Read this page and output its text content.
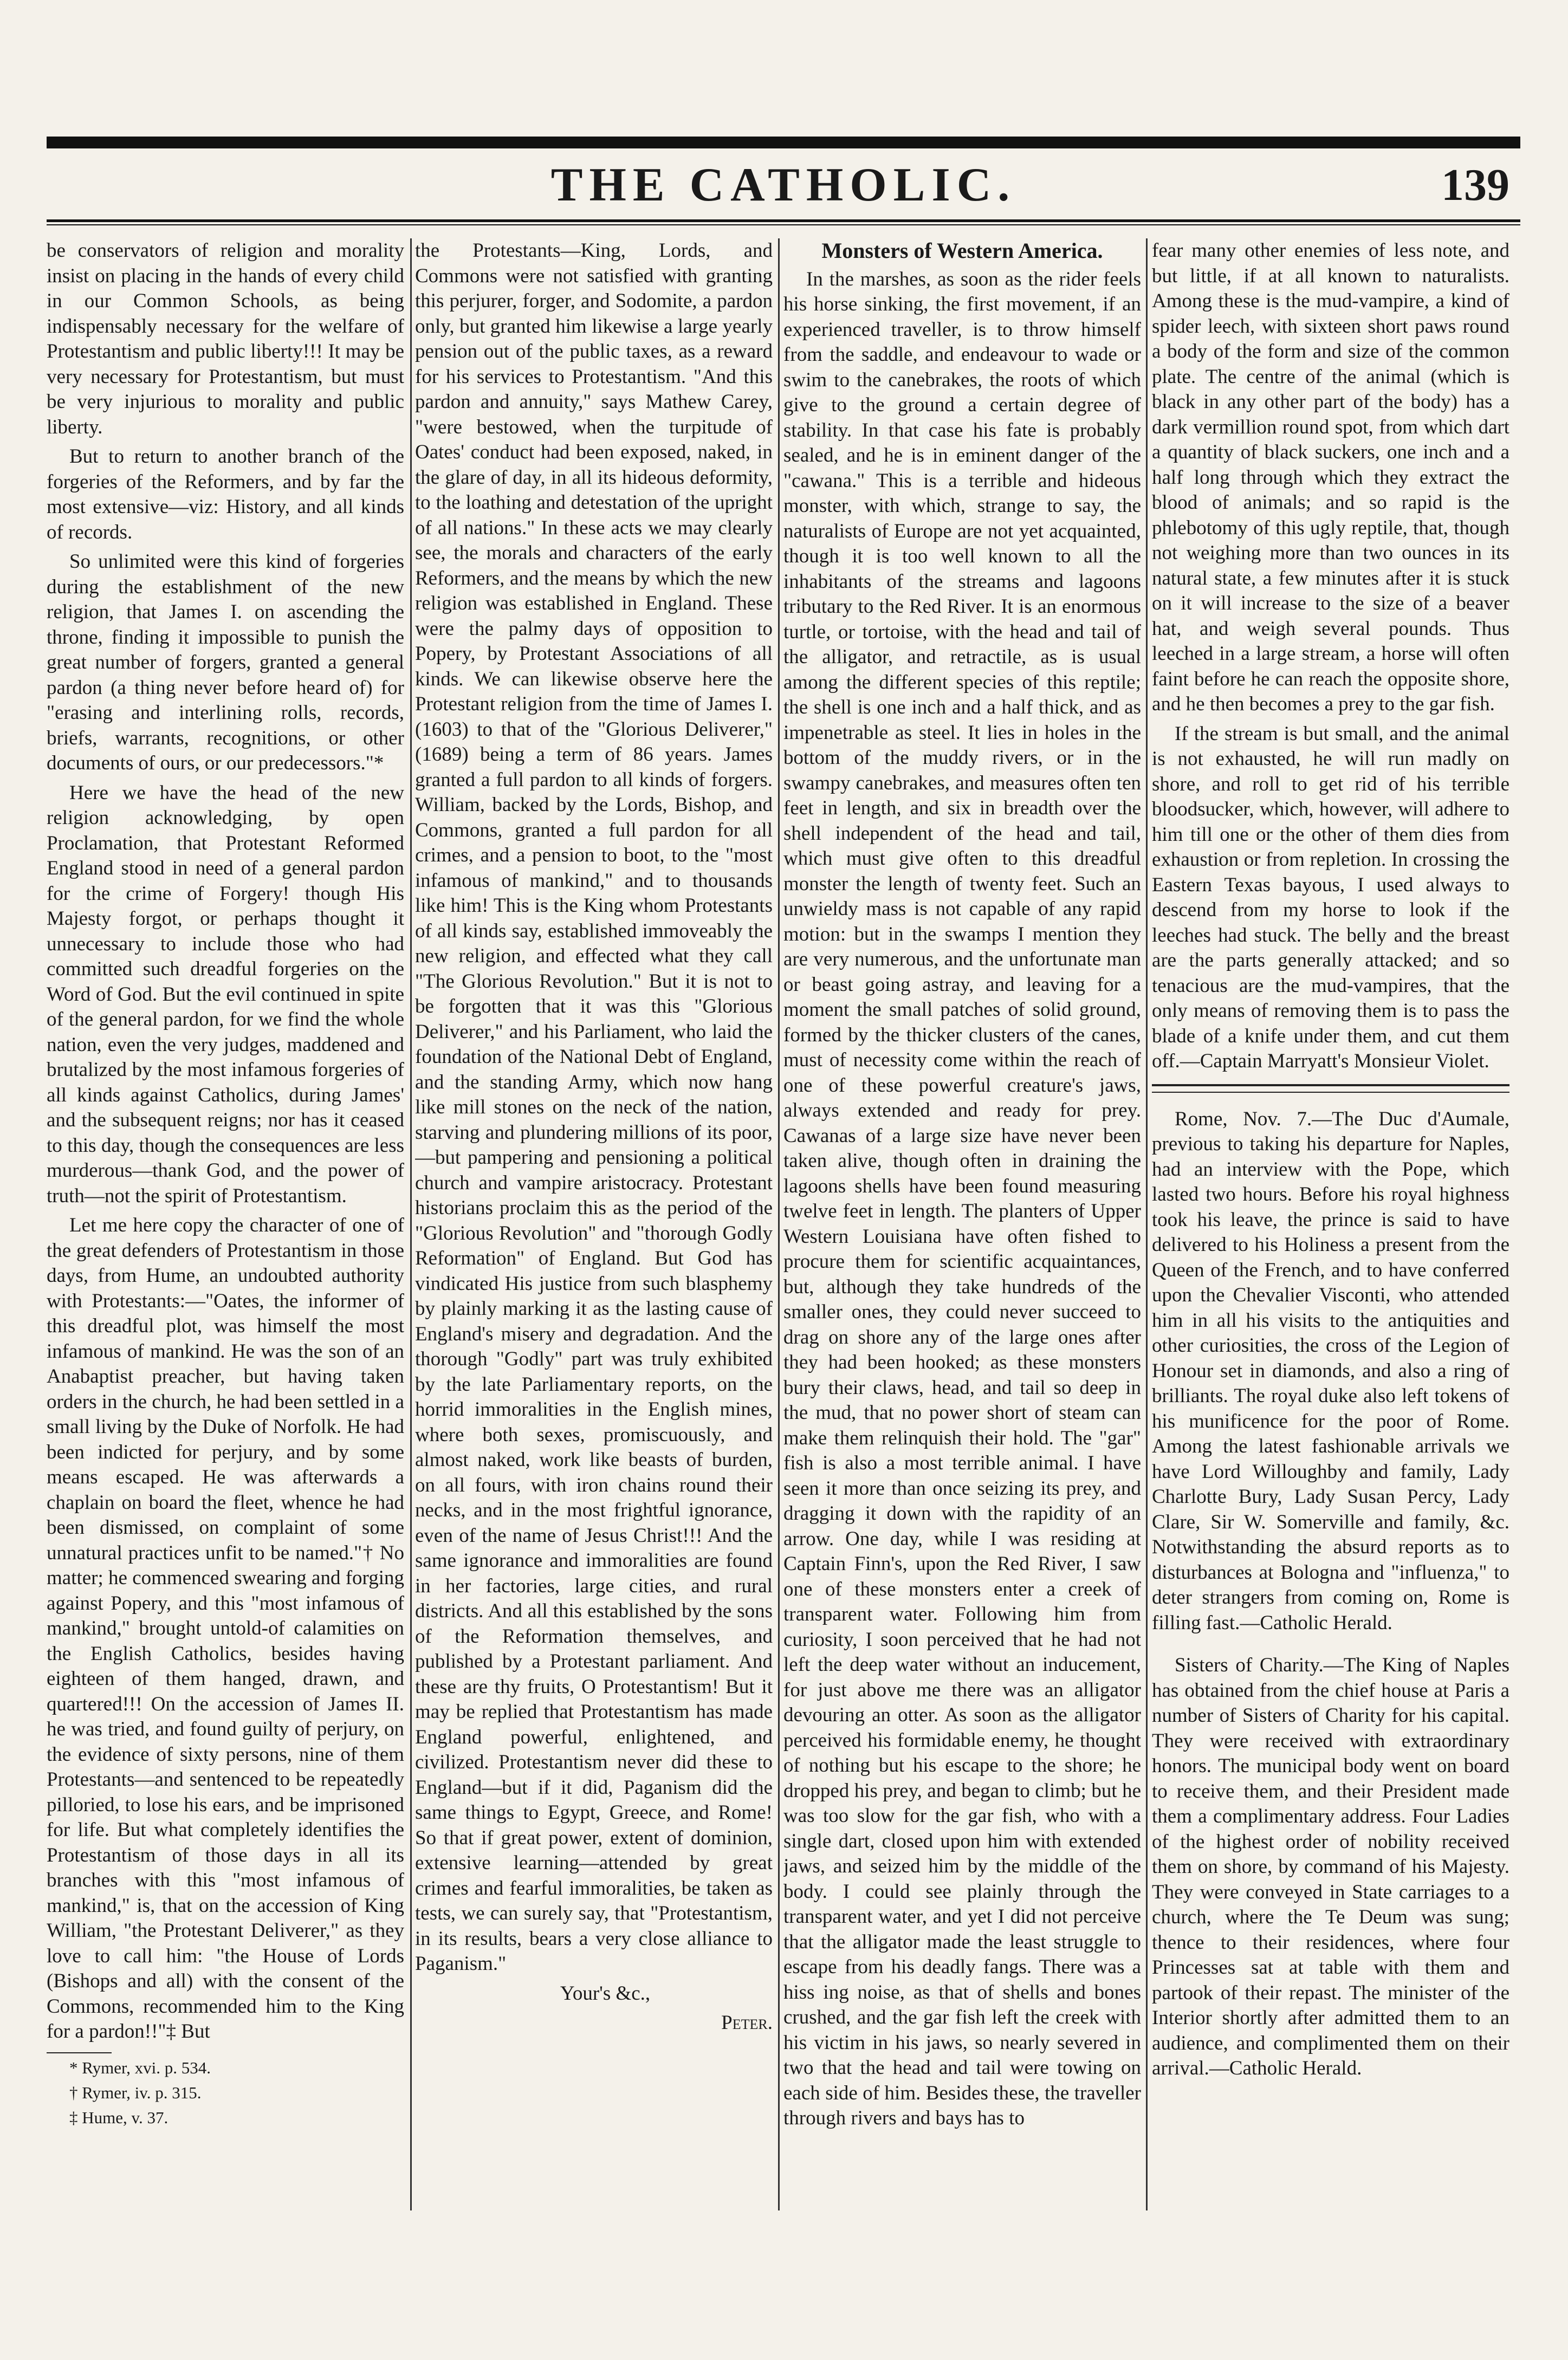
THE CATHOLIC.	139

be conservators of religion and morality insist on placing in the hands of every child in our Common Schools, as being indispensably necessary for the welfare of Protestantism and public liberty!!! It may be very necessary for Protestantism, but must be very injurious to morality and public liberty.

But to return to another branch of the forgeries of the Reformers, and by far the most extensive—viz: History, and all kinds of records.

So unlimited were this kind of forgeries during the establishment of the new religion, that James I. on ascending the throne, finding it impossible to punish the great number of forgers, granted a general pardon (a thing never before heard of) for "erasing and interlining rolls, records, briefs, warrants, recognitions, or other documents of ours, or our predecessors."*

Here we have the head of the new religion acknowledging, by open Proclamation, that Protestant Reformed England stood in need of a general pardon for the crime of Forgery! though His Majesty forgot, or perhaps thought it unnecessary to include those who had committed such dreadful forgeries on the Word of God. But the evil continued in spite of the general pardon, for we find the whole nation, even the very judges, maddened and brutalized by the most infamous forgeries of all kinds against Catholics, during James' and the subsequent reigns; nor has it ceased to this day, though the consequences are less murderous—thank God, and the power of truth—not the spirit of Protestantism.

Let me here copy the character of one of the great defenders of Protestantism in those days, from Hume, an undoubted authority with Protestants:—"Oates, the informer of this dreadful plot, was himself the most infamous of mankind. He was the son of an Anabaptist preacher, but having taken orders in the church, he had been settled in a small living by the Duke of Norfolk. He had been indicted for perjury, and by some means escaped. He was afterwards a chaplain on board the fleet, whence he had been dismissed, on complaint of some unnatural practices unfit to be named."† No matter; he commenced swearing and forging against Popery, and this "most infamous of mankind," brought untold-of calamities on the English Catholics, besides having eighteen of them hanged, drawn, and quartered!!! On the accession of James II. he was tried, and found guilty of perjury, on the evidence of sixty persons, nine of them Protestants—and sentenced to be repeatedly pilloried, to lose his ears, and be imprisoned for life. But what completely identifies the Protestantism of those days in all its branches with this "most infamous of mankind," is, that on the accession of King William, "the Protestant Deliverer," as they love to call him: "the House of Lords (Bishops and all) with the consent of the Commons, recommended him to the King for a pardon!!"‡ But

* Rymer, xvi. p. 534.

† Rymer, iv. p. 315.

‡ Hume, v. 37.

the Protestants—King, Lords, and Commons were not satisfied with granting this perjurer, forger, and Sodomite, a pardon only, but granted him likewise a large yearly pension out of the public taxes, as a reward for his services to Protestantism. "And this pardon and annuity," says Mathew Carey, "were bestowed, when the turpitude of Oates' conduct had been exposed, naked, in the glare of day, in all its hideous deformity, to the loathing and detestation of the upright of all nations." In these acts we may clearly see, the morals and characters of the early Reformers, and the means by which the new religion was established in England. These were the palmy days of opposition to Popery, by Protestant Associations of all kinds. We can likewise observe here the Protestant religion from the time of James I. (1603) to that of the "Glorious Deliverer," (1689) being a term of 86 years. James granted a full pardon to all kinds of forgers. William, backed by the Lords, Bishop, and Commons, granted a full pardon for all crimes, and a pension to boot, to the "most infamous of mankind," and to thousands like him! This is the King whom Protestants of all kinds say, established immoveably the new religion, and effected what they call "The Glorious Revolution." But it is not to be forgotten that it was this "Glorious Deliverer," and his Parliament, who laid the foundation of the National Debt of England, and the standing Army, which now hang like mill stones on the neck of the nation, starving and plundering millions of its poor,—but pampering and pensioning a political church and vampire aristocracy. Protestant historians proclaim this as the period of the "Glorious Revolution" and "thorough Godly Reformation" of England. But God has vindicated His justice from such blasphemy by plainly marking it as the lasting cause of England's misery and degradation. And the thorough "Godly" part was truly exhibited by the late Parliamentary reports, on the horrid immoralities in the English mines, where both sexes, promiscuously, and almost naked, work like beasts of burden, on all fours, with iron chains round their necks, and in the most frightful ignorance, even of the name of Jesus Christ!!! And the same ignorance and immoralities are found in her factories, large cities, and rural districts. And all this established by the sons of the Reformation themselves, and published by a Protestant parliament. And these are thy fruits, O Protestantism! But it may be replied that Protestantism has made England powerful, enlightened, and civilized. Protestantism never did these to England—but if it did, Paganism did the same things to Egypt, Greece, and Rome! So that if great power, extent of dominion, extensive learning—attended by great crimes and fearful immoralities, be taken as tests, we can surely say, that "Protestantism, in its results, bears a very close alliance to Paganism."

Your's &c.,

Peter.

Monsters of Western America.

In the marshes, as soon as the rider feels his horse sinking, the first movement, if an experienced traveller, is to throw himself from the saddle, and endeavour to wade or swim to the canebrakes, the roots of which give to the ground a certain degree of stability. In that case his fate is probably sealed, and he is in eminent danger of the "cawana." This is a terrible and hideous monster, with which, strange to say, the naturalists of Europe are not yet acquainted, though it is too well known to all the inhabitants of the streams and lagoons tributary to the Red River. It is an enormous turtle, or tortoise, with the head and tail of the alligator, and retractile, as is usual among the different species of this reptile; the shell is one inch and a half thick, and as impenetrable as steel. It lies in holes in the bottom of the muddy rivers, or in the swampy canebrakes, and measures often ten feet in length, and six in breadth over the shell independent of the head and tail, which must give often to this dreadful monster the length of twenty feet. Such an unwieldy mass is not capable of any rapid motion: but in the swamps I mention they are very numerous, and the unfortunate man or beast going astray, and leaving for a moment the small patches of solid ground, formed by the thicker clusters of the canes, must of necessity come within the reach of one of these powerful creature's jaws, always extended and ready for prey. Cawanas of a large size have never been taken alive, though often in draining the lagoons shells have been found measuring twelve feet in length. The planters of Upper Western Louisiana have often fished to procure them for scientific acquaintances, but, although they take hundreds of the smaller ones, they could never succeed to drag on shore any of the large ones after they had been hooked; as these monsters bury their claws, head, and tail so deep in the mud, that no power short of steam can make them relinquish their hold. The "gar" fish is also a most terrible animal. I have seen it more than once seizing its prey, and dragging it down with the rapidity of an arrow. One day, while I was residing at Captain Finn's, upon the Red River, I saw one of these monsters enter a creek of transparent water. Following him from curiosity, I soon perceived that he had not left the deep water without an inducement, for just above me there was an alligator devouring an otter. As soon as the alligator perceived his formidable enemy, he thought of nothing but his escape to the shore; he dropped his prey, and began to climb; but he was too slow for the gar fish, who with a single dart, closed upon him with extended jaws, and seized him by the middle of the body. I could see plainly through the transparent water, and yet I did not perceive that the alligator made the least struggle to escape from his deadly fangs. There was a hiss ing noise, as that of shells and bones crushed, and the gar fish left the creek with his victim in his jaws, so nearly severed in two that the head and tail were towing on each side of him. Besides these, the traveller through rivers and bays has to

fear many other enemies of less note, and but little, if at all known to naturalists. Among these is the mud-vampire, a kind of spider leech, with sixteen short paws round a body of the form and size of the common plate. The centre of the animal (which is black in any other part of the body) has a dark vermillion round spot, from which dart a quantity of black suckers, one inch and a half long through which they extract the blood of animals; and so rapid is the phlebotomy of this ugly reptile, that, though not weighing more than two ounces in its natural state, a few minutes after it is stuck on it will increase to the size of a beaver hat, and weigh several pounds. Thus leeched in a large stream, a horse will often faint before he can reach the opposite shore, and he then becomes a prey to the gar fish.

If the stream is but small, and the animal is not exhausted, he will run madly on shore, and roll to get rid of his terrible bloodsucker, which, however, will adhere to him till one or the other of them dies from exhaustion or from repletion. In crossing the Eastern Texas bayous, I used always to descend from my horse to look if the leeches had stuck. The belly and the breast are the parts generally attacked; and so tenacious are the mud-vampires, that the only means of removing them is to pass the blade of a knife under them, and cut them off.—Captain Marryatt's Monsieur Violet.

Rome, Nov. 7.—The Duc d'Aumale, previous to taking his departure for Naples, had an interview with the Pope, which lasted two hours. Before his royal highness took his leave, the prince is said to have delivered to his Holiness a present from the Queen of the French, and to have conferred upon the Chevalier Visconti, who attended him in all his visits to the antiquities and other curiosities, the cross of the Legion of Honour set in diamonds, and also a ring of brilliants. The royal duke also left tokens of his munificence for the poor of Rome. Among the latest fashionable arrivals we have Lord Willoughby and family, Lady Charlotte Bury, Lady Susan Percy, Lady Clare, Sir W. Somerville and family, &c. Notwithstanding the absurd reports as to disturbances at Bologna and "influenza," to deter strangers from coming on, Rome is filling fast.—Catholic Herald.

Sisters of Charity.—The King of Naples has obtained from the chief house at Paris a number of Sisters of Charity for his capital. They were received with extraordinary honors. The municipal body went on board to receive them, and their President made them a complimentary address. Four Ladies of the highest order of nobility received them on shore, by command of his Majesty. They were conveyed in State carriages to a church, where the Te Deum was sung; thence to their residences, where four Princesses sat at table with them and partook of their repast. The minister of the Interior shortly after admitted them to an audience, and complimented them on their arrival.—Catholic Herald.
